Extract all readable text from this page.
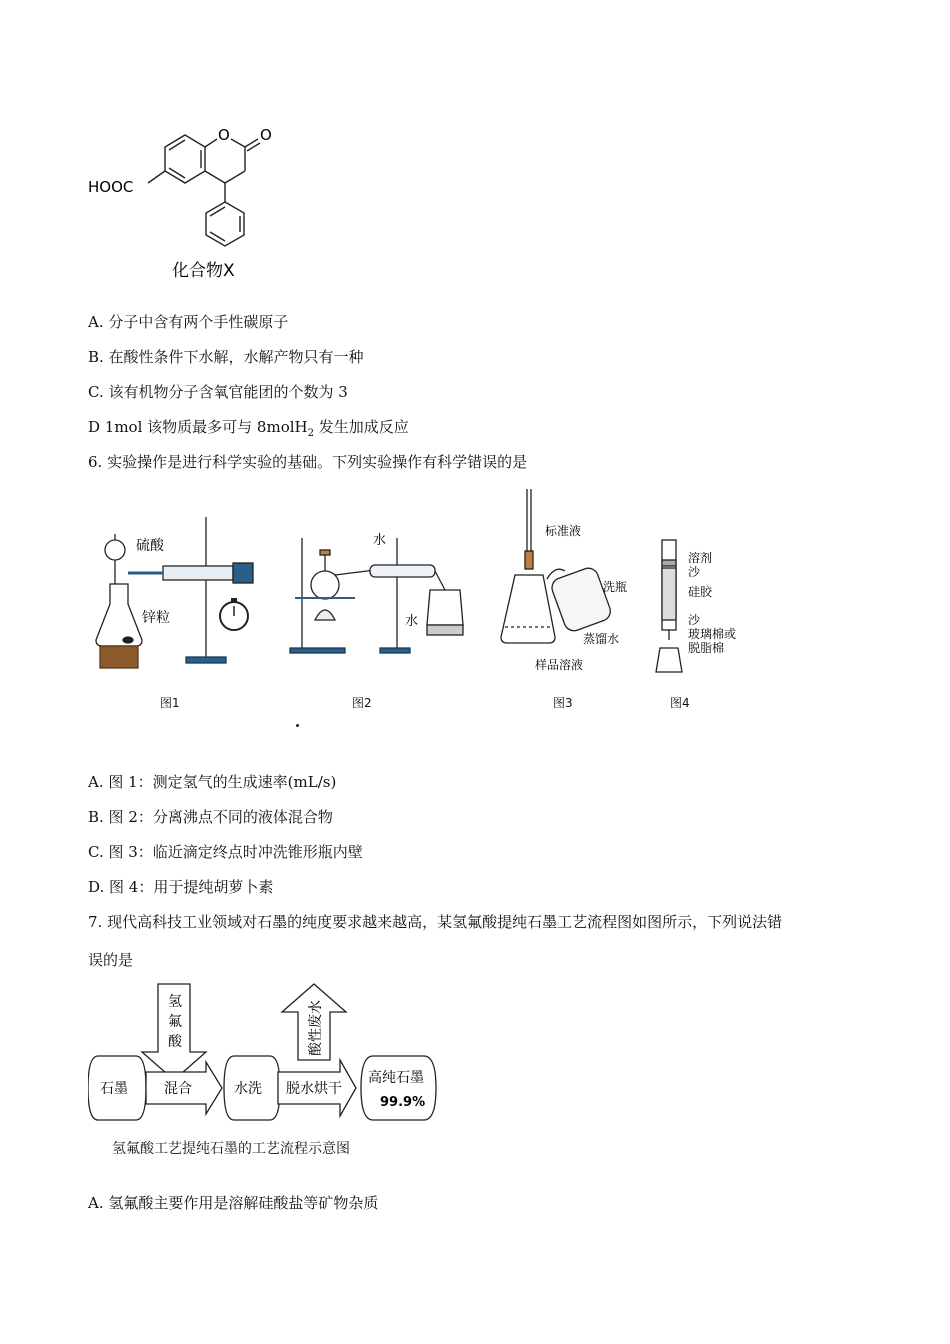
O O
HOOC
化合物X
A. 分子中含有两个手性碳原子
B. 在酸性条件下水解，水解产物只有一种
C. 该有机物分子含氧官能团的个数为 3
D 1mol 该物质最多可与 8molH$_2$ 发生加成反应
6. 实验操作是进行科学实验的基础。下列实验操作有科学错误的是
硫酸
锌粒
图1
水
水
图2
标准液
洗瓶
蒸馏水
样品溶液
图3
溶剂
沙
硅胶
沙
玻璃棉或
脱脂棉
图4
A. 图 1：测定氢气的生成速率(mL/s)
B. 图 2：分离沸点不同的液体混合物
C. 图 3：临近滴定终点时冲洗锥形瓶内壁
D. 图 4：用于提纯胡萝卜素
7. 现代高科技工业领域对石墨的纯度要求越来越高，某氢氟酸提纯石墨工艺流程图如图所示，下列说法错
误的是
石墨
氢
氟
酸
混合	水洗
酸性废水
脱水烘干
高纯石墨
99.9%
氢氟酸工艺提纯石墨的工艺流程示意图
A. 氢氟酸主要作用是溶解硅酸盐等矿物杂质
